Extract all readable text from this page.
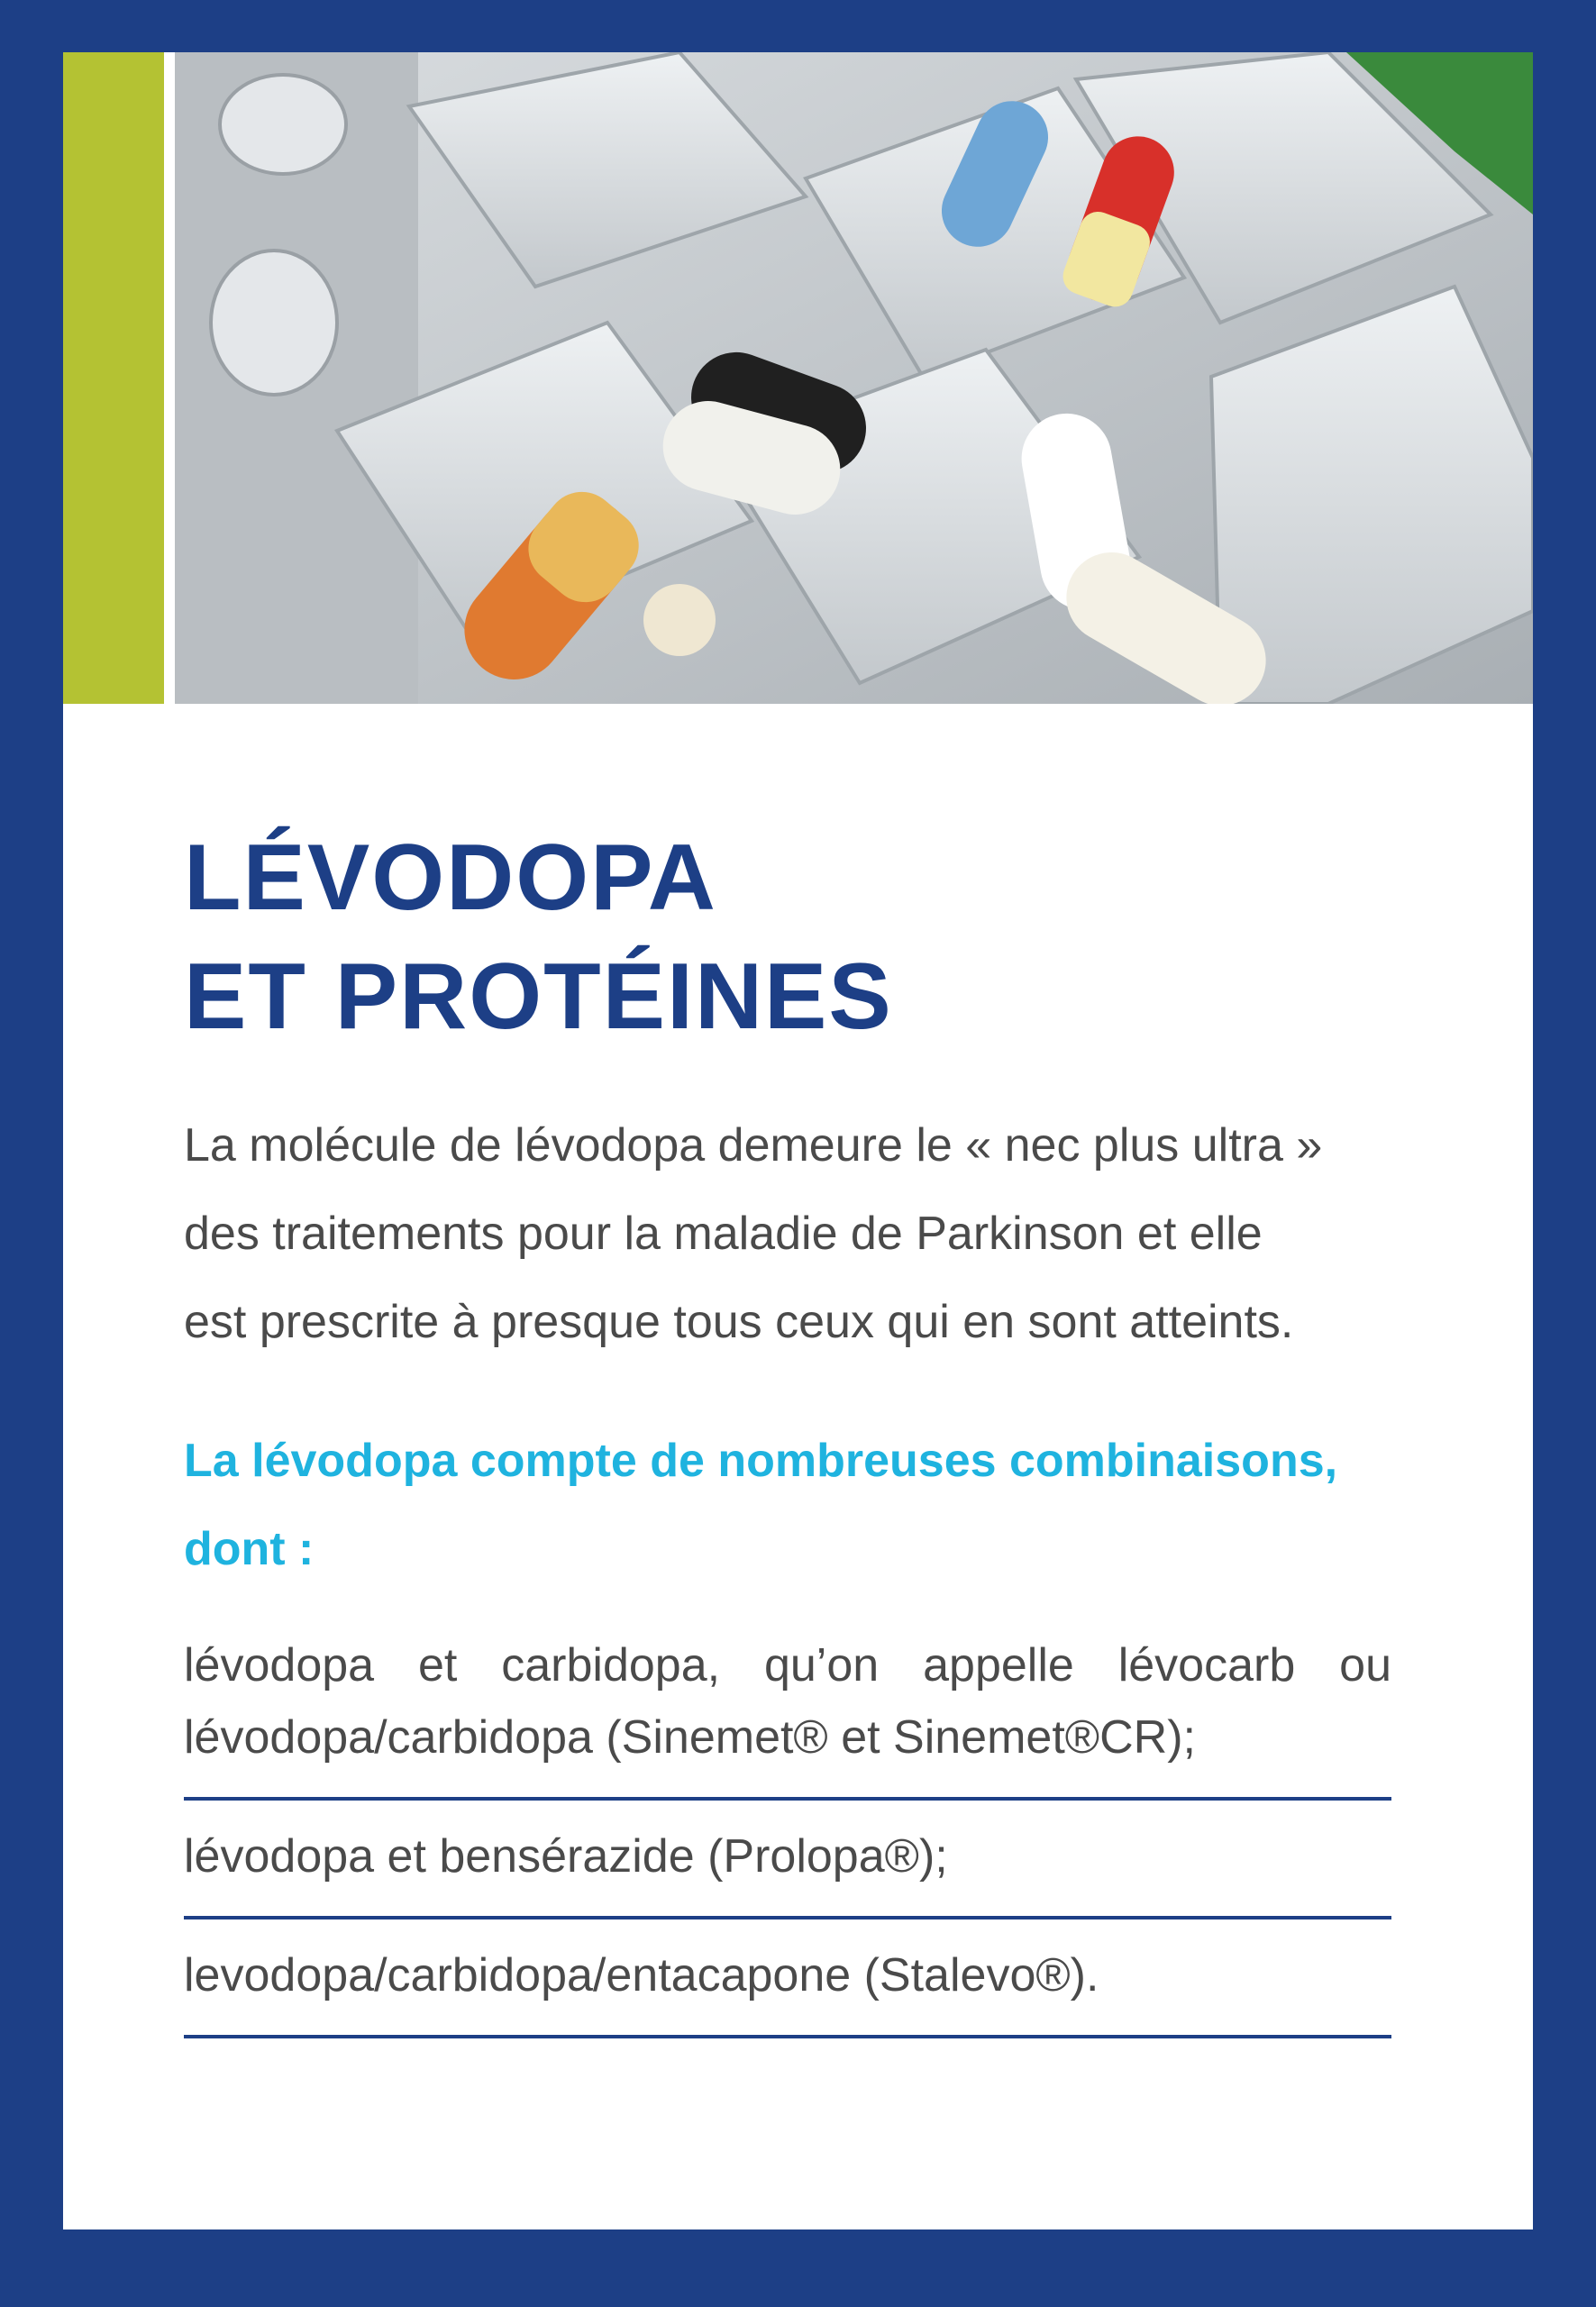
LÉVODOPA
ET PROTÉINES

La molécule de lévodopa demeure le « nec plus ultra »
des traitements pour la maladie de Parkinson et elle
est prescrite à presque tous ceux qui en sont atteints.

La lévodopa compte de nombreuses combinaisons,
dont :

lévodopa et carbidopa, qu’on appelle lévocarb ou
lévodopa/carbidopa (Sinemet® et Sinemet®CR);
lévodopa et bensérazide (Prolopa®);
levodopa/carbidopa/entacapone (Stalevo®).
